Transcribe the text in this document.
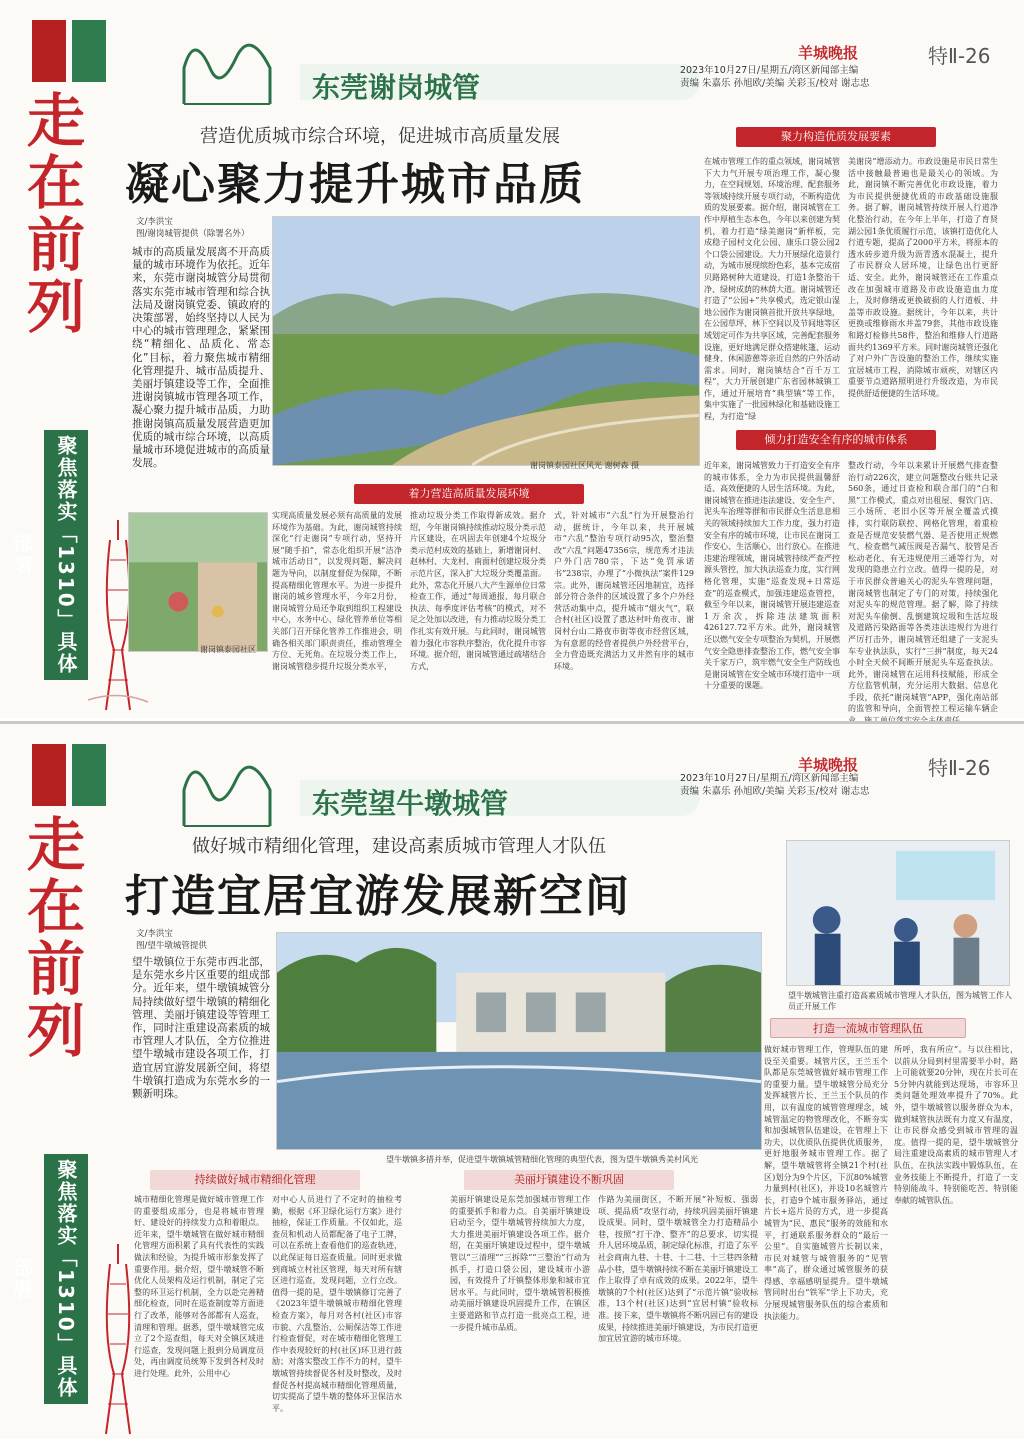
走在前列
聚焦落实「1310」具体部署
东莞谢岗城管
羊城晚报	特Ⅱ-26
2023年10月27日/星期五/湾区新闻部主编
责编 朱嘉乐 孙旭欧/美编 关彩玉/校对 谢志忠
营造优质城市综合环境，促进城市高质量发展
凝心聚力提升城市品质
文/李洪宝
图/谢岗城管提供（除署名外）
城市的高质量发展离不开高质量的城市环境作为依托。近年来，东莞市谢岗城管分局贯彻落实东莞市城市管理和综合执法局及谢岗镇党委、镇政府的决策部署，始终坚持以人民为中心的城市管理理念，紧紧围绕“精细化、品质化、常态化”目标，着力聚焦城市精细化管理提升、城市品质提升、美丽圩镇建设等工作，全面推进谢岗镇城市管理各项工作，凝心聚力提升城市品质，力助推谢岗镇高质量发展营造更加优质的城市综合环境，以高质量城市环境促进城市的高质量发展。	谢岗镇泰园社区风光 谢树森 摄
谢岗镇泰园社区
聚力构造优质发展要素
在城市管理工作的重点领域，谢岗城管下大力气开展专项治理工作，凝心聚力，在空间规划、环境治理、配套服务等领域持续开展专项行动，不断构造优质的发展要素。据介绍，谢岗城管在工作中厚植生态本色，今年以来创建为契机，着力打造“绿美谢岗”新样板，完成稳子园村文化公园、康乐口袋公园2个口袋公园建设。大力开展绿化造景行动，为城市展现缤纷色彩，基本完成宿贝路路树种大道建设，打造1条整治干净、绿树成荫的林荫大道。谢岗城管还打造了“公园+”共享模式，选定银山湿地公园作为谢岗镇首批开放共享绿地，在公园草坪、林下空间以及节间地等区域划定可作为共享区域，完善配套服务设施，更好地满足群众搭建帐篷、运动健身、休闲游憩等亲近自然的户外活动需求。同时，谢岗镇结合“百千万工程”，大力开展创建广东省园林城镇工作，通过开展培育“典型镇”等工作，集中实施了一批园林绿化和基础设施工程，为打造“绿
美谢岗”增添动力。市政设施是市民日常生活中接触最普遍也是最关心的领域。为此，谢岗镇不断完善优化市政设施，着力为市民提供便捷优质的市政基础设施服务。据了解，谢岗城管持续开展人行道净化整治行动，在今年上半年，打造了育贤湖公园1条优质履行示范，该镇打造优化人行道专题，提高了2000平方米，将原本的透水砖步道升级为沥青透水混凝土，提升了市民群众人居环境，让绿色出行更舒适、安全。此外，谢岗城管还在工作重点改在加强城市道路及市政设施造血力度上，及时修缮或更换破损的人行道板、井盖等市政设施。据统计，今年以来，共计更换或维修雨水井盖79套，其他市政设施和路灯检修共58件，整治和维修人行道路面共约1369平方米。同时谢岗城管还强化了对户外广告设施的整治工作，继续实施宜居城市工程，消除城市顽疾，对辖区内重要节点道路照明进行升级改造，为市民提供舒适便捷的生活环境。
倾力打造安全有序的城市体系
近年来，谢岗城管致力于打造安全有序的城市体系，全力为市民提供温馨舒适、高效便捷的人居生活环境。为此，谢岗城管在推进违法建设、安全生产、泥头车治理等群和市民群众生活息息相关的领域持续加大工作力度，强力打造安全有序的城市环境，让市民在谢岗工作安心、生活顺心、出行放心。在推进违建治理领域，谢岗城管持续严查严控源头管控，加大执法巡查力度，实行网格化管理，实施“巡查发现+日常巡查”的巡查模式，加强违建巡查管控，截至今年以来，谢岗城管开展违建巡查1万余次，拆除违法建筑面积426127.72平方米。此外，谢岗城管还以燃气安全专项整治为契机，开展燃气安全隐患排查整治工作，燃气安全事关千家万户，筑牢燃气安全生产防线也是谢岗城管在安全城市环境打造中一项十分重要的课题。
整改行动，今年以来累计开展燃气排查整治行动226次，建立问题整改台账共记录560条，通过日查检和联合部门的“白和黑”工作模式，重点对出租屋、餐饮门店、三小场所、老旧小区等开展全覆盖式摸排，实行联防联控、网格化管理，着重检查是否规范安装燃气器、是否使用正规燃气、检查燃气减压阀是否漏气、胶管是否松动老化、有无违规使用三通等行为，对发现的隐患立行立改。值得一提的是，对于市民群众普遍关心的泥头车管理问题，谢岗城管也制定了专门的对策，持续强化对泥头车的规范管理。据了解，除了持续对泥头车偷倒、乱倒建筑垃圾和生活垃圾及道路污染路面等各类违法违规行为进行严厉打击外，谢岗城管还组建了一支泥头车专业执法队，实行“三拼”制度，每天24小时全天候不间断开展泥头车巡查执法。此外，谢岗城管在运用科技赋能，形成全方位监管机制，充分运用大数据、信息化手段，依托“谢岗城管”APP，强化南站部的监管和导向，全面管控工程运输车辆企
着力营造高质量发展环境
实现高质量发展必须有高质量的发展环境作为基础。为此，谢岗城管持续深化“行走谢岗”专项行动，坚持开展“随手拍”，常态化组织开展“洁净城市活动日”，以发现问题、解决问题为导向，以制度督促为保障，不断提高精细化管理水平。为进一步提升谢岗的城乡管理水平，今年2月份，谢岗城管分局还争取到组织工程建设中心，水务中心、绿化管养单位等相关部门召开绿化管养工作推进会，明确各相关部门职责责任，推动管理全方位、无死角。在垃圾分类工作上，谢岗城管稳步提升垃圾分类水平，
推动垃圾分类工作取得新成效。据介绍，今年谢岗镇持续推动垃圾分类示范片区建设，在巩固去年创建4个垃圾分类示范村成效的基础上，新增谢岗村、赵林村、大龙村、南面村创建垃圾分类示范片区，深入扩大垃圾分类覆盖面。此外，常态化开展八大产生源单位日常检查工作，通过“每周通报、每月联合执法、每季度评估考核”的模式，对不足之处加以改进，有力推动垃圾分类工作扎实有效开展。与此同时，谢岗城管着力强化市容秩序整治，优化提升市容环境。据介绍，谢岗城管通过疏堵结合方式，
式，针对城市“六乱”行为开展整治行动，据统计，今年以来，共开展城市“六乱”整治专项行动95次，整治整改“六乱”问题47356宗，规范秀才违法户外门店780宗，下达“免罚承诺书”238宗，办理了“小微执法”案件129宗。此外，谢岗城管还因地制宜，选择部分符合条件的区域设置了多个户外经营活动集中点，提升城市“烟火气”，联合村(社区)设置了惠达村叶角夜市、谢岗村台山二路夜市街等夜市经营区域，为有意愿的经营者提供户外经营平台，全力营造既充满活力又井然有序的城市环境。
走在前列
聚焦落实「1310」具体部署
东莞望牛墩城管
羊城晚报	特Ⅱ-26
2023年10月27日/星期五/湾区新闻部主编
责编 朱嘉乐 孙旭欧/美编 关彩玉/校对 谢志忠
做好城市精细化管理，建设高素质城市管理人才队伍
打造宜居宜游发展新空间
文/李洪宝
图/望牛墩城管提供
望牛墩镇位于东莞市西北部，是东莞水乡片区重要的组成部分。近年来，望牛墩镇城管分局持续做好望牛墩镇的精细化管理、美丽圩镇建设等管理工作，同时注重建设高素质的城市管理人才队伍，全方位推进望牛墩城市建设各项工作，打造宜居宜游发展新空间，将望牛墩镇打造成为东莞水乡的一颗新明珠。
望牛墩镇多措并举，促进望牛墩镇城管精细化管理的典型代表，图为望牛墩镇秀美村风光
望牛墩城管注重打造高素质城市管理人才队伍，图为城管工作人员正开展工作
打造一流城市管理队伍
做好城市管理工作，管理队伍的建设至关重要。城管片区，王兰玉个队都是东莞城管做好城市管理工作的重要力量。望牛墩城管分局充分发挥城管片长、王兰玉个队员的作用，以有温度的城管管理理念，城城管温定的物管理改化，不断夯实和加强城管队伍建设，在管理上下功夫，以优质队伍提供优质服务，更好地服务城市管理工作。据了解，望牛墩城管将全镇21个村(社区)划分为9个片区，下沉80%城管力量到村(社区)，并设10名城管片长，打造9个城市服务驿站，通过片长+巡片员的方式，进一步提高城管为“民、惠民”服务的效能和水平，打通联系服务群众的“最后一公里”。自实施城管片长制以来，市民对城管与城管服务的“见管率”高了，群众通过城管服务的获得感、幸福感明显提升。望牛墩城管同时出台“铁军”学上下功夫，充分展现城管服务队伍的综合素质和执法能力。
所呼，我有所应”。与以往相比，以前从分局到村里需要半小时，路上可能就要20分钟，现在片长可在5分钟内就能到达现场，市容环卫类问题处理效率提升了70%。此外，望牛墩城管以服务群众为本，做到城管执法既有力度又有温度，让市民群众感受到城市管理的温度。值得一提的是，望牛墩城管分局注重建设高素质的城市管理人才队伍，在执法实践中锻炼队伍，在业务技能上不断提升，打造了一支特别能战斗、特别能吃苦、特别能奉献的城管队伍。
持续做好城市精细化管理
城市精细化管理是做好城市管理工作的重要组成部分，也是将城市管理好、建设好的持续发力点和着眼点。近年来，望牛墩城管在做好城市精细化管理方面积累了具有代表性的实践做法和经验，为提升城市形象发挥了重要作用。据介绍，望牛墩城管不断优化人员架构及运行机制，制定了完整的环卫运行机制，全力以赴完善精细化检查，同时在巡查制度等方面进行了改革，能够对各部都有人巡查，清理和管理。据悉，望牛墩城管完成立了2个巡查组，每天对全镇区域进行巡查，发现问题上报到分局调度员处，再由调度员统筹下发到各村及时进行处理。此外，公用中心
对中心人员进行了不定时的抽检考勤，根据《环卫绿化运行方案》进行抽检，保证工作质量。不仅如此，巡查员和机动人员都配备了电子工牌，可以在系统上查看他们的巡查轨迹，以此保证每日巡查质量。同时更求做到商城立村社区管理，每天对所有辖区进行巡查，发现问题，立行立改。值得一提的是，望牛墩镇修订完善了《2023年望牛墩镇城市精细化管理检查方案》，每月对各村(社区)市容市貌、六乱整治、公厕保洁等工作进行检查督促，对在城市精细化管理工作中表现较好的村(社区)环卫进行鼓励；对落实整改工作不力的村，望牛墩城管持续督促各村及时整改，及时督促各村提高城市精细化管理质量，切实提高了望牛墩的整体环卫保洁水平。
美丽圩镇建设不断巩固
美丽圩镇建设是东莞加强城市管理工作的重要抓手和着力点。自美丽圩镇建设启动至今，望牛墩城管持续加大力度，大力推进美丽圩镇建设各项工作。据介绍，在美丽圩镇建设过程中，望牛墩城管以“三清理”“三拆除”“三整治”行动为抓手，打造口袋公园，建设城市小游园，有效提升了圩镇整体形象和城市宜居水平。与此同时，望牛墩城管积极推动美丽圩镇建设巩固提升工作，在镇区主要道路和节点打造一批亮点工程，进一步提升城市品质。
作路为美丽街区，不断开展“补短板、强弱项、提品质”攻坚行动，持续巩固美丽圩镇建设成果。同时，望牛墩城管全力打造精品小巷，按照“打干净、整齐”的总要求，切实提升人居环境品质，制定绿化标准，打造了东平社会商南九巷、十巷、十二巷、十三巷四条精品小巷，望牛墩镇持续不断在美丽圩镇建设工作上取得了卓有成效的成果。2022年，望牛墩镇的7个村(社区)达到了“示范片镇”验收标准，13个村(社区)达到“宜居村镇”验收标准。接下来，望牛墩镇将不断巩固已有的建设成果，持续推进美丽圩镇建设，为市民打造更加宜居宜游的城市环境。
